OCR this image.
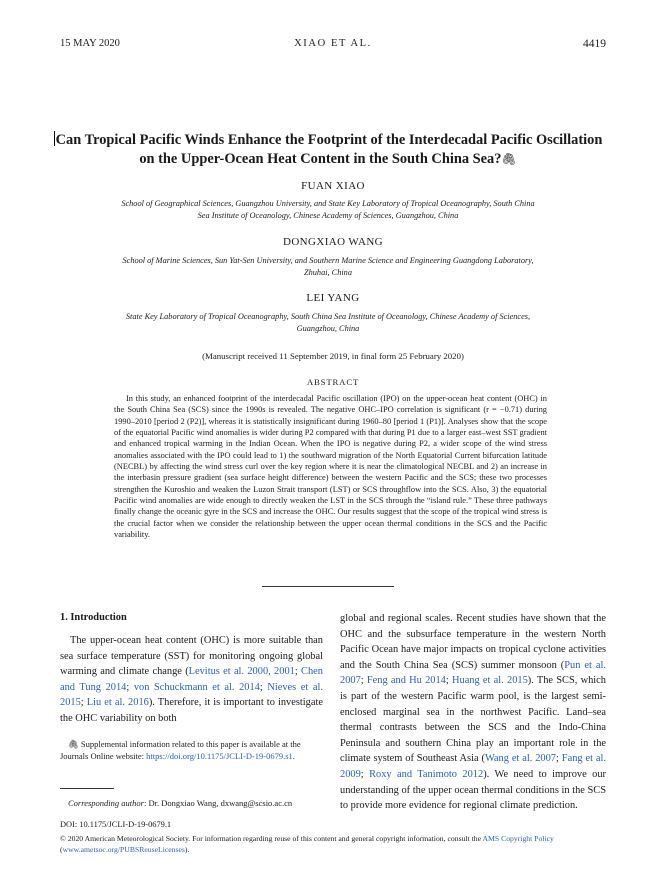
15 MAY 2020	XIAO ET AL.	4419
Can Tropical Pacific Winds Enhance the Footprint of the Interdecadal Pacific Oscillation
on the Upper-Ocean Heat Content in the South China Sea?🖇
FUAN XIAO
School of Geographical Sciences, Guangzhou University, and State Key Laboratory of Tropical Oceanography, South China
Sea Institute of Oceanology, Chinese Academy of Sciences, Guangzhou, China
DONGXIAO WANG
School of Marine Sciences, Sun Yat-Sen University, and Southern Marine Science and Engineering Guangdong Laboratory,
Zhuhai, China
LEI YANG
State Key Laboratory of Tropical Oceanography, South China Sea Institute of Oceanology, Chinese Academy of Sciences,
Guangzhou, China
(Manuscript received 11 September 2019, in final form 25 February 2020)
ABSTRACT
In this study, an enhanced footprint of the interdecadal Pacific oscillation (IPO) on the upper-ocean heat content (OHC) in the South China Sea (SCS) since the 1990s is revealed. The negative OHC–IPO correlation is significant (r = −0.71) during 1990–2010 [period 2 (P2)], whereas it is statistically insignificant during 1960–80 [period 1 (P1)]. Analyses show that the scope of the equatorial Pacific wind anomalies is wider during P2 compared with that during P1 due to a larger east–west SST gradient and enhanced tropical warming in the Indian Ocean. When the IPO is negative during P2, a wider scope of the wind stress anomalies associated with the IPO could lead to 1) the southward migration of the North Equatorial Current bifurcation latitude (NECBL) by affecting the wind stress curl over the key region where it is near the climatological NECBL and 2) an increase in the interbasin pressure gradient (sea surface height difference) between the western Pacific and the SCS; these two processes strengthen the Kuroshio and weaken the Luzon Strait transport (LST) or SCS throughflow into the SCS. Also, 3) the equatorial Pacific wind anomalies are wide enough to directly weaken the LST in the SCS through the “island rule.” These three pathways finally change the oceanic gyre in the SCS and increase the OHC. Our results suggest that the scope of the tropical wind stress is the crucial factor when we consider the relationship between the upper ocean thermal conditions in the SCS and the Pacific variability.
1. Introduction
The upper-ocean heat content (OHC) is more suitable than sea surface temperature (SST) for monitoring ongoing global warming and climate change (Levitus et al. 2000, 2001; Chen and Tung 2014; von Schuckmann et al. 2014; Nieves et al. 2015; Liu et al. 2016). Therefore, it is important to investigate the OHC variability on both
global and regional scales. Recent studies have shown that the OHC and the subsurface temperature in the western North Pacific Ocean have major impacts on tropical cyclone activities and the South China Sea (SCS) summer monsoon (Pun et al. 2007; Feng and Hu 2014; Huang et al. 2015). The SCS, which is part of the western Pacific warm pool, is the largest semi-enclosed marginal sea in the northwest Pacific. Land–sea thermal contrasts between the SCS and the Indo-China Peninsula and southern China play an important role in the climate system of Southeast Asia (Wang et al. 2007; Fang et al. 2009; Roxy and Tanimoto 2012). We need to improve our understanding of the upper ocean thermal conditions in the SCS to provide more evidence for regional climate prediction.
🖇 Supplemental information related to this paper is available at the Journals Online website: https://doi.org/10.1175/JCLI-D-19-0679.s1.
Corresponding author: Dr. Dongxiao Wang, dxwang@scsio.ac.cn
DOI: 10.1175/JCLI-D-19-0679.1
© 2020 American Meteorological Society. For information regarding reuse of this content and general copyright information, consult the AMS Copyright Policy (www.ametsoc.org/PUBSReuseLicenses).
